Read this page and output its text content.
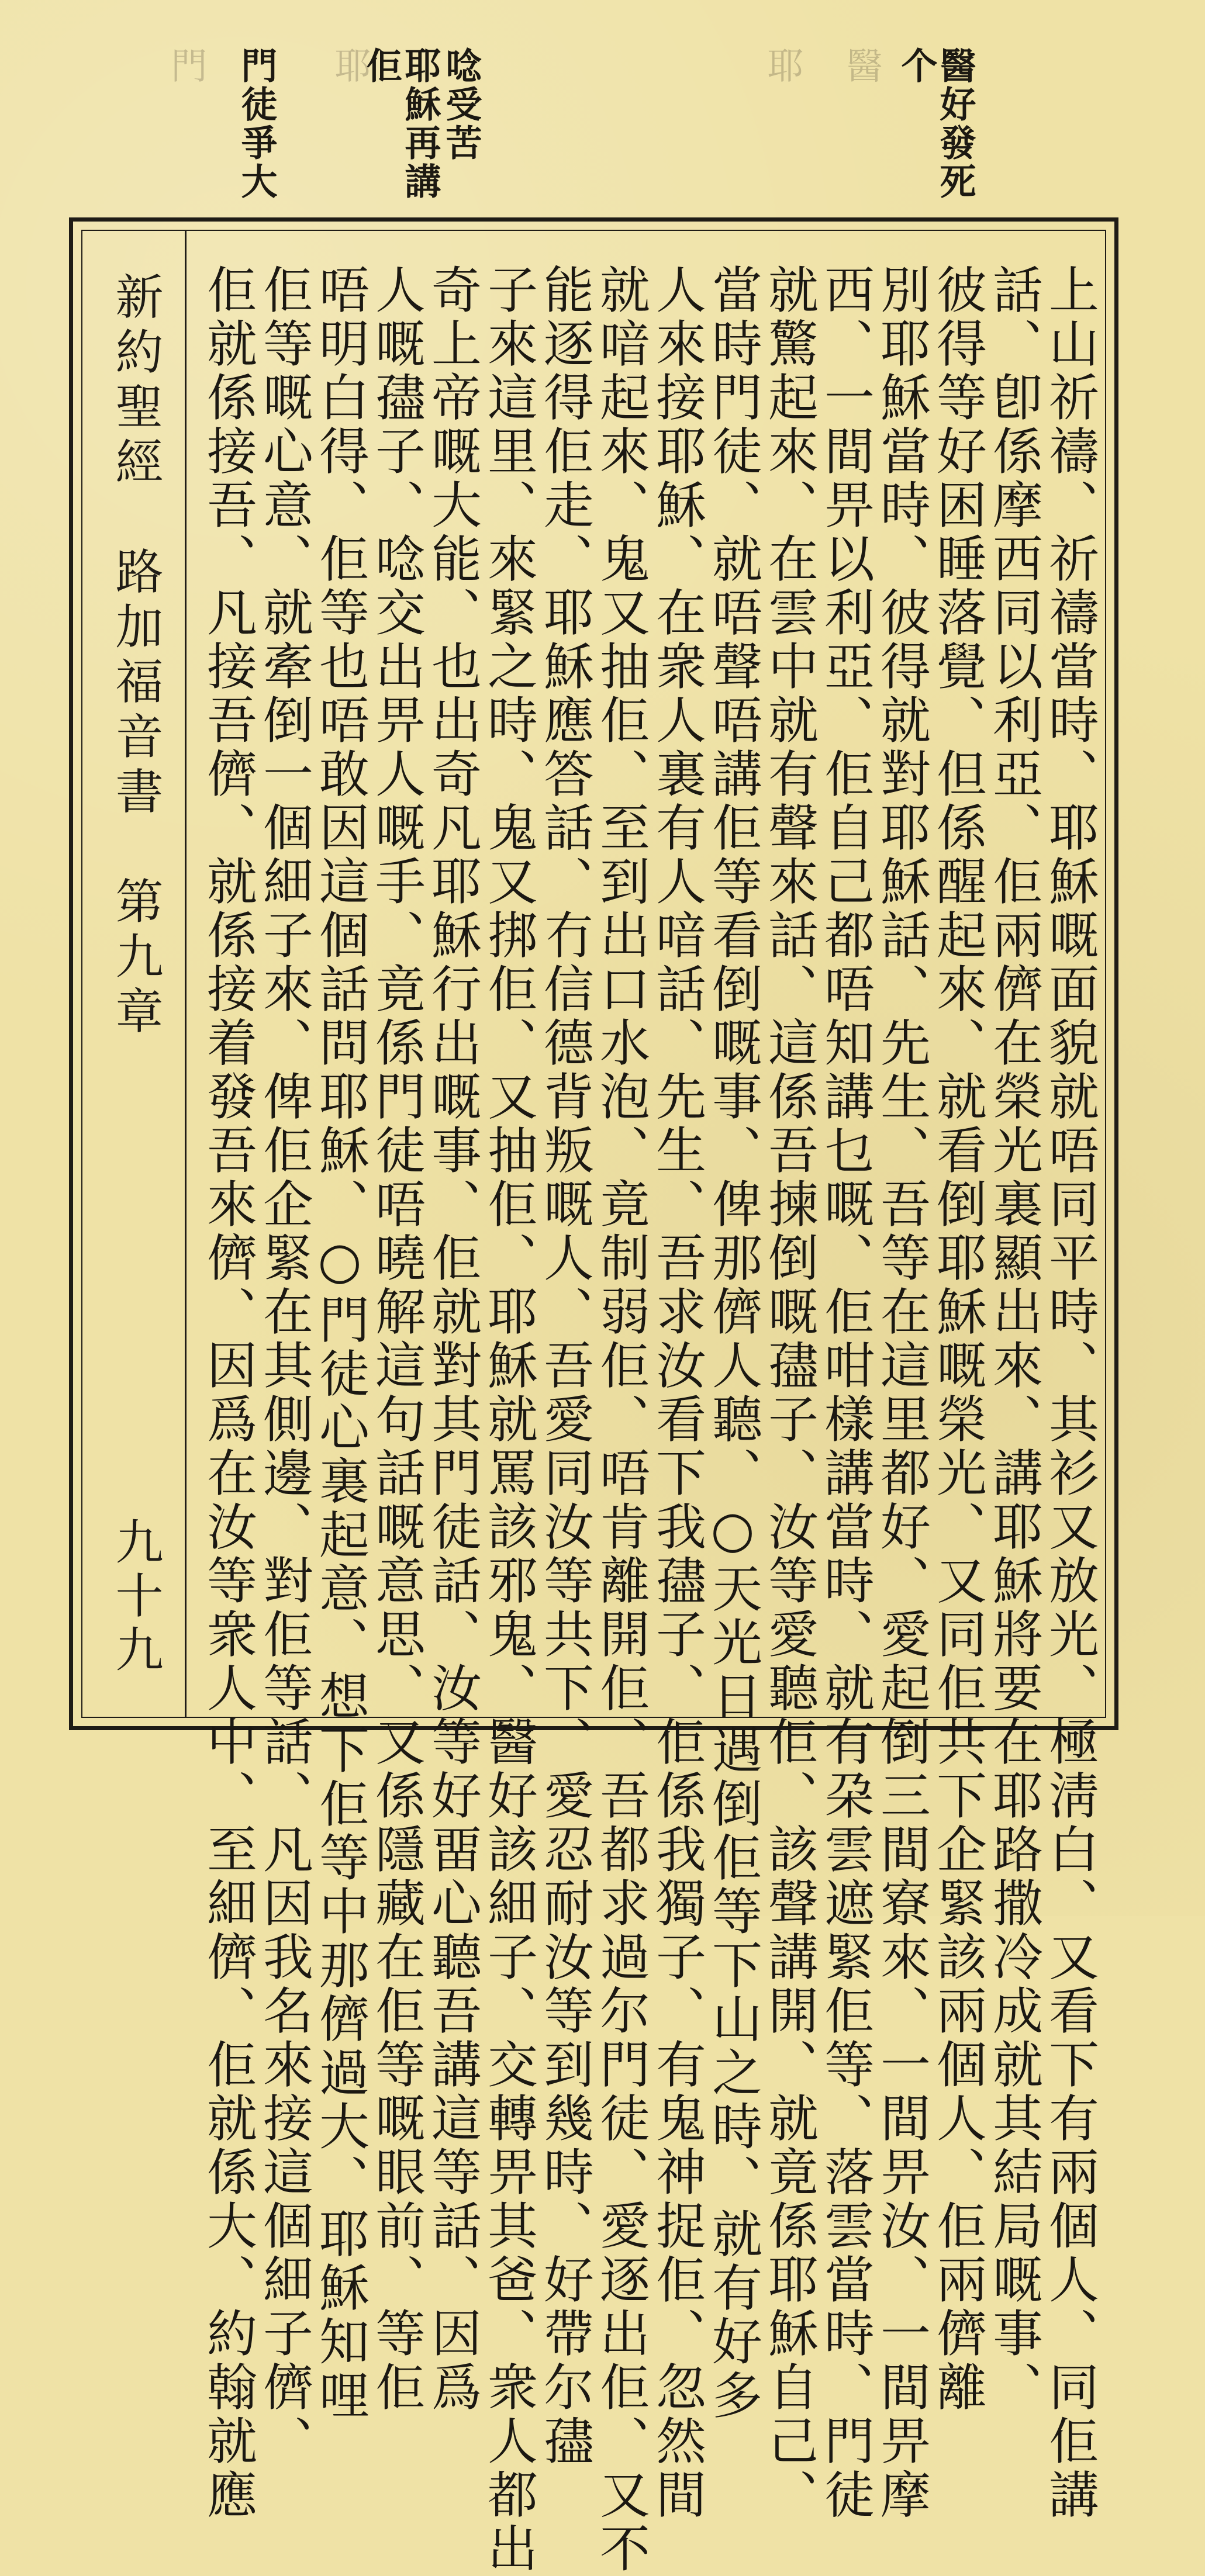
醫好發死个
醫
耶
耶穌再講佢	唸受苦
耶
門徒爭大
門
新約聖經　路加福音書　第九章
九十九	上山祈禱、祈禱當時、耶穌嘅面貌就唔同平時、其衫又放光、極淸白、又看下有兩個人、同佢講
話、卽係摩西同以利亞、佢兩儕在榮光裏顯出來、講耶穌將要在耶路撒冷成就其結局嘅事、
彼得等好困睡落覺、但係醒起來、就看倒耶穌嘅榮光、又同佢共下企緊該兩個人、佢兩儕離
別耶穌當時、彼得就對耶穌話、先生、吾等在這里都好、愛起倒三間寮來、一間畀汝、一間畀摩
西、一間畀以利亞、佢自己都唔知講乜嘅、佢咁樣講當時、就有朶雲遮緊佢等、落雲當時、門徒
就驚起來、在雲中就有聲來話、這係吾揀倒嘅孻子、汝等愛聽佢、該聲講開、就竟係耶穌自己、
當時門徒、就唔聲唔講佢等看倒嘅事、俾那儕人聽、○天光日遇倒佢等下山之時、就有好多
人來接耶穌、在衆人裏有人喑話、先生、吾求汝看下我孻子、佢係我獨子、有鬼神捉佢、忽然間
就喑起來、鬼又抽佢、至到出口水泡、竟制弱佢、唔肯離開佢、吾都求過尔門徒、愛逐出佢、又不
能逐得佢走、耶穌應答話、冇信德背叛嘅人、吾愛同汝等共下、愛忍耐汝等到幾時、好帶尔孻
子來這里、來緊之時、鬼又挷佢、又抽佢、耶穌就罵該邪鬼、醫好該細子、交轉畀其爸、衆人都出
奇上帝嘅大能、也出奇凡耶穌行出嘅事、佢就對其門徒話、汝等好畱心聽吾講這等話、因爲
人嘅孻子、唸交出畀人嘅手、竟係門徒唔曉解這句話嘅意思、又係隱藏在佢等嘅眼前、等佢
唔明白得、佢等也唔敢因這個話問耶穌、○門徒心裏起意、想下佢等中那儕過大、耶穌知哩
佢等嘅心意、就牽倒一個細子來、俾佢企緊在其側邊、對佢等話、凡因我名來接這個細子儕、
佢就係接吾、凡接吾儕、就係接着發吾來儕、因爲在汝等衆人中、至細儕、佢就係大、約翰就應
